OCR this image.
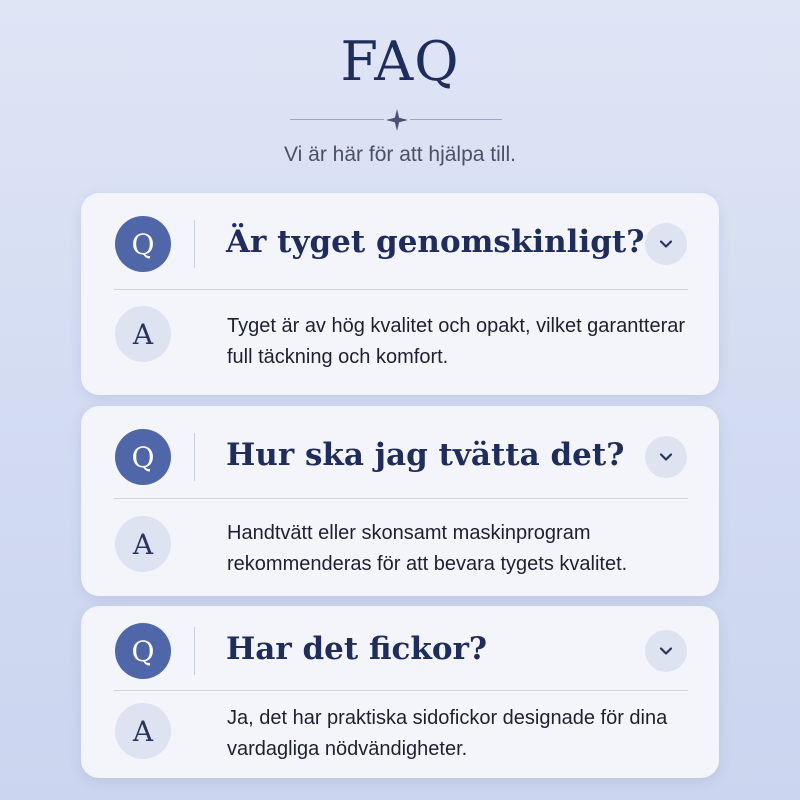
FAQ
Vi är här för att hjälpa till.
Q	Är tyget genomskinligt?
A	Tyget är av hög kvalitet och opakt, vilket garantterar full täckning och komfort.
Q	Hur ska jag tvätta det?
A	Handtvätt eller skonsamt maskinprogram rekommenderas för att bevara tygets kvalitet.
Q	Har det fickor?
A	Ja, det har praktiska sidofickor designade för dina vardagliga nödvändigheter.
